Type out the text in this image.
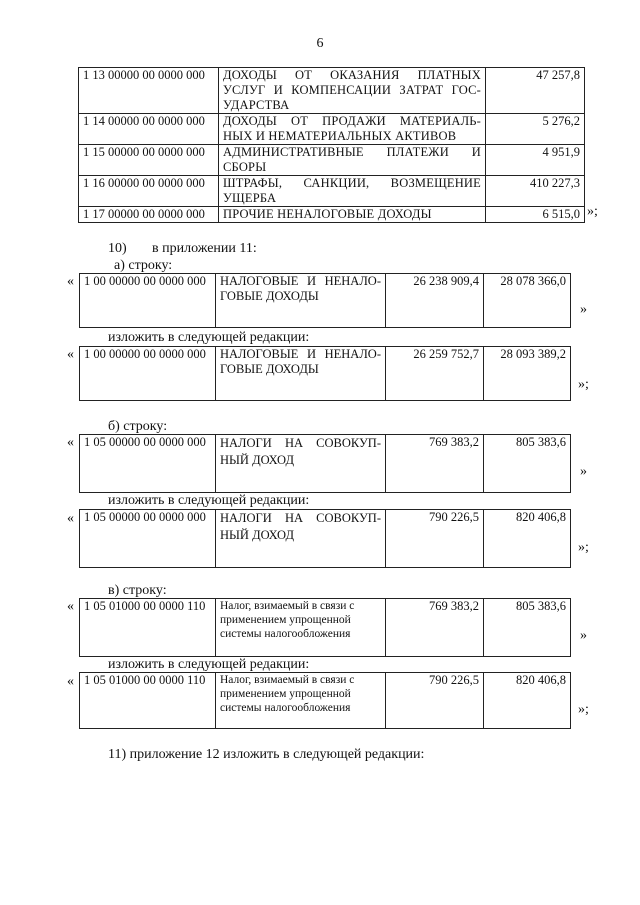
6
1 13 00000 00 0000 000	ДОХОДЫ ОТ ОКАЗАНИЯ ПЛАТНЫХ
УСЛУГ И КОМПЕНСАЦИИ ЗАТРАТ ГОС-
УДАРСТВА	47 257,8
1 14 00000 00 0000 000	ДОХОДЫ ОТ ПРОДАЖИ МАТЕРИАЛЬ-
НЫХ И НЕМАТЕРИАЛЬНЫХ АКТИВОВ	5 276,2
1 15 00000 00 0000 000	АДМИНИСТРАТИВНЫЕ ПЛАТЕЖИ И
СБОРЫ	4 951,9
1 16 00000 00 0000 000	ШТРАФЫ, САНКЦИИ, ВОЗМЕЩЕНИЕ
УЩЕРБА	410 227,3
1 17 00000 00 0000 000	ПРОЧИЕ НЕНАЛОГОВЫЕ ДОХОДЫ	6 515,0 »;
10) в приложении 11:
а) строку:
« 1 00 00000 00 0000 000	НАЛОГОВЫЕ И НЕНАЛО-
ГОВЫЕ ДОХОДЫ
	26 238 909,4	28 078 366,0
»
изложить в следующей редакции:
« 1 00 00000 00 0000 000	НАЛОГОВЫЕ И НЕНАЛО-
ГОВЫЕ ДОХОДЫ
	26 259 752,7	28 093 389,2
»;
б) строку:
« 1 05 00000 00 0000 000	НАЛОГИ НА СОВОКУП-
НЫЙ ДОХОД
	769 383,2	805 383,6
»
изложить в следующей редакции:
« 1 05 00000 00 0000 000	НАЛОГИ НА СОВОКУП-
НЫЙ ДОХОД
	790 226,5	820 406,8
»;
в) строку:
« 1 05 01000 00 0000 110	Налог, взимаемый в связи с
применением упрощенной
системы налогообложения
	769 383,2	805 383,6
»
изложить в следующей редакции:
« 1 05 01000 00 0000 110	Налог, взимаемый в связи с
применением упрощенной
системы налогообложения
	790 226,5	820 406,8
»;
11) приложение 12 изложить в следующей редакции:
